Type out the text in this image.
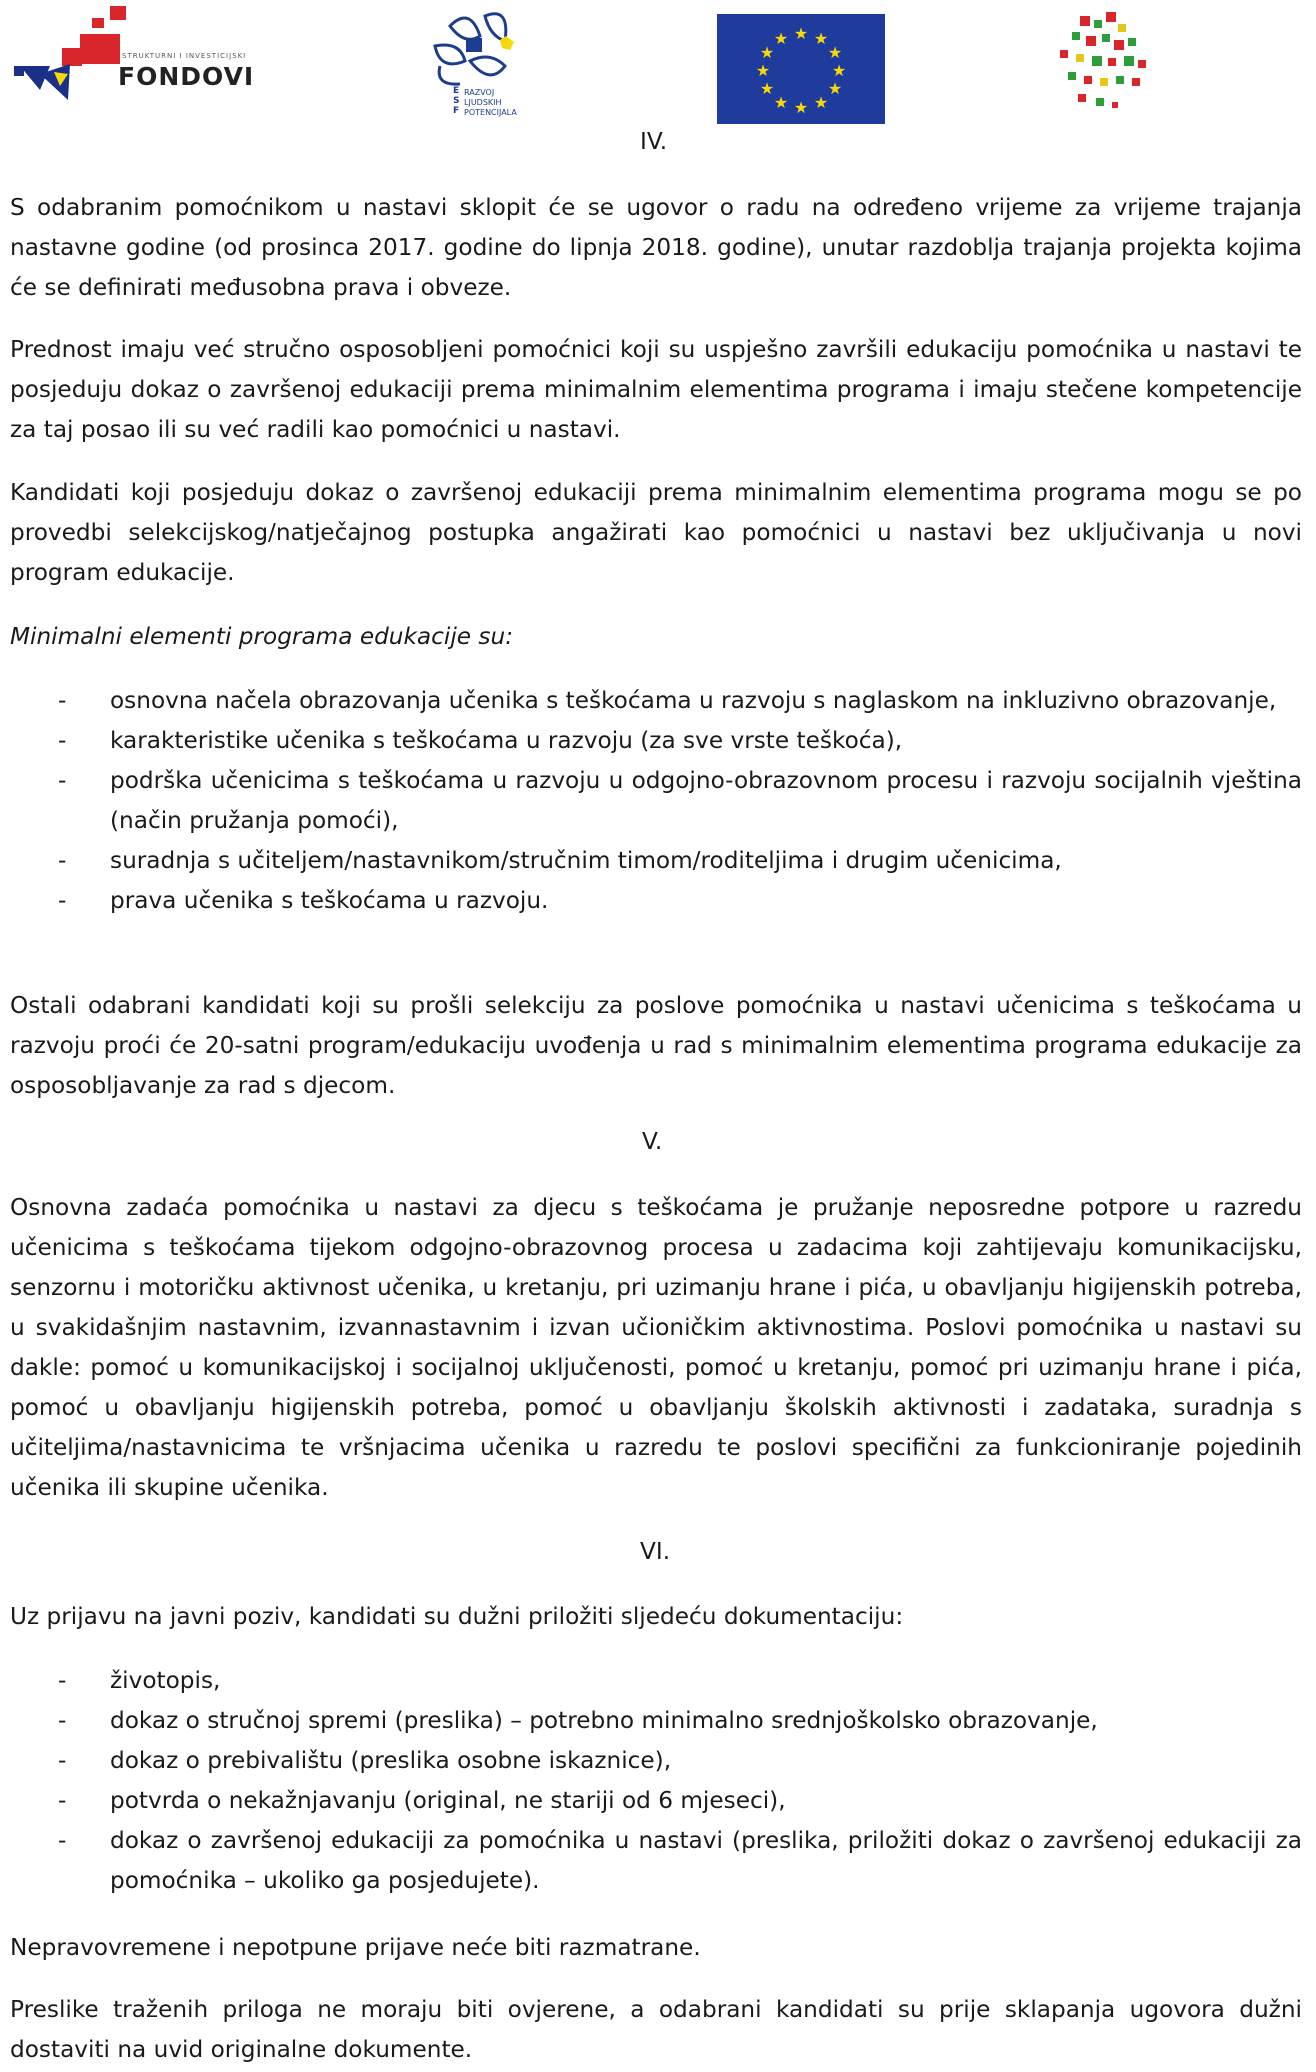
STRUKTURNI I INVESTICIJSKI
FONDOVI	E
S
F
RAZVOJ
LJUDSKIH
POTENCIJALA
★ ★
★
★
★
★
★
★
★
★
★
★
IV.

S odabranim pomoćnikom u nastavi sklopit će se ugovor o radu na određeno vrijeme za vrijeme trajanja nastavne godine (od prosinca 2017. godine do lipnja 2018. godine), unutar razdoblja trajanja projekta kojima će se definirati međusobna prava i obveze.

Prednost imaju već stručno osposobljeni pomoćnici koji su uspješno završili edukaciju pomoćnika u nastavi te posjeduju dokaz o završenoj edukaciji prema minimalnim elementima programa i imaju stečene kompetencije za taj posao ili su već radili kao pomoćnici u nastavi.

Kandidati koji posjeduju dokaz o završenoj edukaciji prema minimalnim elementima programa mogu se po provedbi selekcijskog/natječajnog postupka angažirati kao pomoćnici u nastavi bez uključivanja u novi program edukacije.

Minimalni elementi programa edukacije su:

- osnovna načela obrazovanja učenika s teškoćama u razvoju s naglaskom na inkluzivno obrazovanje,
- karakteristike učenika s teškoćama u razvoju (za sve vrste teškoća),
- podrška učenicima s teškoćama u razvoju u odgojno-obrazovnom procesu i razvoju socijalnih vještina (način pružanja pomoći),
- suradnja s učiteljem/nastavnikom/stručnim timom/roditeljima i drugim učenicima,
- prava učenika s teškoćama u razvoju.

Ostali odabrani kandidati koji su prošli selekciju za poslove pomoćnika u nastavi učenicima s teškoćama u razvoju proći će 20-satni program/edukaciju uvođenja u rad s minimalnim elementima programa edukacije za osposobljavanje za rad s djecom.

V.

Osnovna zadaća pomoćnika u nastavi za djecu s teškoćama je pružanje neposredne potpore u razredu učenicima s teškoćama tijekom odgojno-obrazovnog procesa u zadacima koji zahtijevaju komunikacijsku, senzornu i motoričku aktivnost učenika, u kretanju, pri uzimanju hrane i pića, u obavljanju higijenskih potreba, u svakidašnjim nastavnim, izvannastavnim i izvan učioničkim aktivnostima. Poslovi pomoćnika u nastavi su dakle: pomoć u komunikacijskoj i socijalnoj uključenosti, pomoć u kretanju, pomoć pri uzimanju hrane i pića, pomoć u obavljanju higijenskih potreba, pomoć u obavljanju školskih aktivnosti i zadataka, suradnja s učiteljima/nastavnicima te vršnjacima učenika u razredu te poslovi specifični za funkcioniranje pojedinih učenika ili skupine učenika.

VI.

Uz prijavu na javni poziv, kandidati su dužni priložiti sljedeću dokumentaciju:

- životopis,
- dokaz o stručnoj spremi (preslika) – potrebno minimalno srednjoškolsko obrazovanje,
- dokaz o prebivalištu (preslika osobne iskaznice),
- potvrda o nekažnjavanju (original, ne stariji od 6 mjeseci),
- dokaz o završenoj edukaciji za pomoćnika u nastavi (preslika, priložiti dokaz o završenoj edukaciji za pomoćnika – ukoliko ga posjedujete).

Nepravovremene i nepotpune prijave neće biti razmatrane.

Preslike traženih priloga ne moraju biti ovjerene, a odabrani kandidati su prije sklapanja ugovora dužni dostaviti na uvid originalne dokumente.
